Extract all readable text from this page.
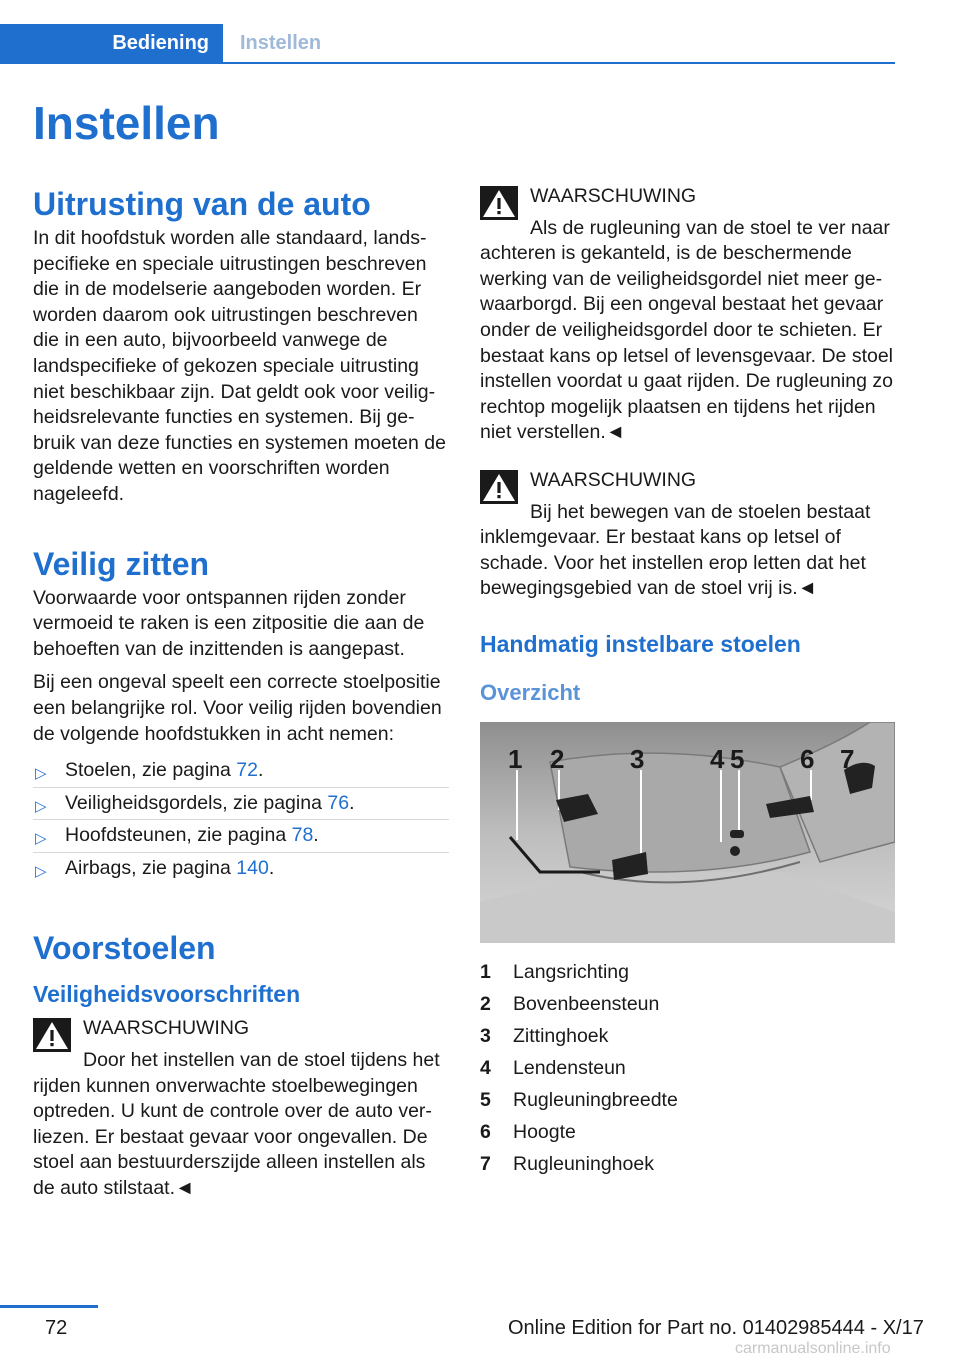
Bediening	Instellen
Instellen
Uitrusting van de auto

In dit hoofdstuk worden alle standaard, landspecifieke en speciale uitrustingen beschreven die in de modelserie aangeboden worden. Er worden daarom ook uitrustingen beschreven die in een auto, bijvoorbeeld vanwege de landspecifieke of gekozen speciale uitrusting niet beschikbaar zijn. Dat geldt ook voor veiligheidsrelevante functies en systemen. Bij gebruik van deze functies en systemen moeten de geldende wetten en voorschriften worden nageleefd.

Veilig zitten

Voorwaarde voor ontspannen rijden zonder vermoeid te raken is een zitpositie die aan de behoeften van de inzittenden is aangepast.

Bij een ongeval speelt een correcte stoelpositie een belangrijke rol. Voor veilig rijden bovendien de volgende hoofdstukken in acht nemen:

▷ Stoelen, zie pagina 72.
▷ Veiligheidsgordels, zie pagina 76.
▷ Hoofdsteunen, zie pagina 78.
▷ Airbags, zie pagina 140.
Voorstoelen
Veiligheidsvoorschriften
WAARSCHUWING

Door het instellen van de stoel tijdens het

rijden kunnen onverwachte stoelbewegingen optreden. U kunt de controle over de auto verliezen. Er bestaat gevaar voor ongevallen. De stoel aan bestuurderszijde alleen instellen als de auto stilstaat.◄

WAARSCHUWING

Als de rugleuning van de stoel te ver naar

achteren is gekanteld, is de beschermende werking van de veiligheidsgordel niet meer gewaarborgd. Bij een ongeval bestaat het gevaar onder de veiligheidsgordel door te schieten. Er bestaat kans op letsel of levensgevaar. De stoel instellen voordat u gaat rijden. De rugleuning zo rechtop mogelijk plaatsen en tijdens het rijden niet verstellen.◄

WAARSCHUWING

Bij het bewegen van de stoelen bestaat

inklemgevaar. Er bestaat kans op letsel of schade. Voor het instellen erop letten dat het bewegingsgebied van de stoel vrij is.◄

Handmatig instelbare stoelen
Overzicht
1 2	3	4 5 6 7
1	Langsrichting
2	Bovenbeensteun
3	Zittinghoek
4	Lendensteun
5	Rugleuningbreedte
6	Hoogte
7	Rugleuninghoek
72	Online Edition for Part no. 01402985444 - X/17
carmanualsonline.info
